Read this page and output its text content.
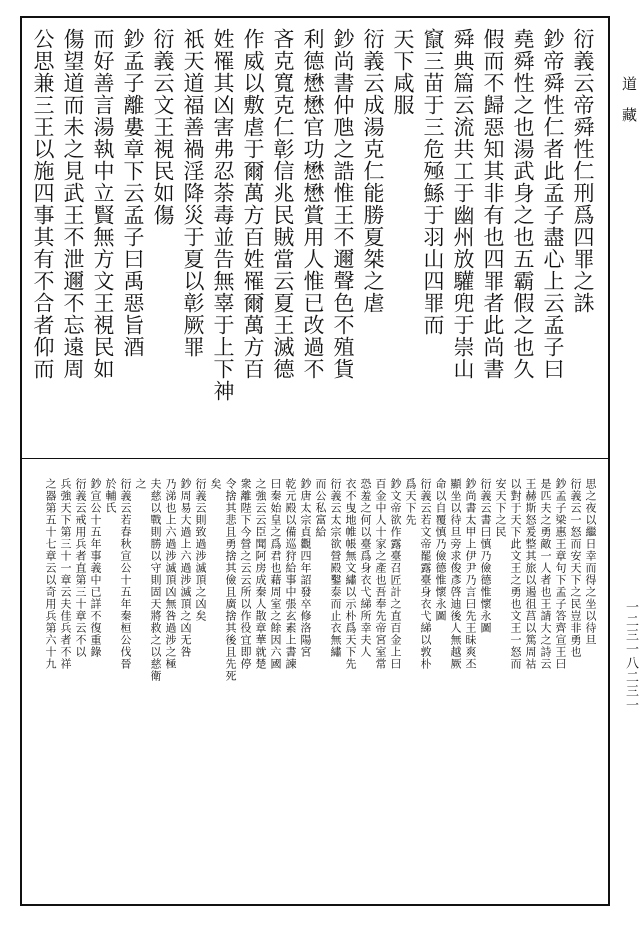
衍義云帝舜性仁刑爲四罪之誅
鈔帝舜性仁者此孟子盡心上云孟子曰
堯舜性之也湯武身之也五霸假之也久
假而不歸惡知其非有也四罪者此尚書
舜典篇云流共工于幽州放驩兜于崇山
竄三苗于三危殛鯀于羽山四罪而
天下咸服
衍義云成湯克仁能勝夏桀之虐
鈔尚書仲虺之誥惟王不邇聲色不殖貨
利德懋懋官功懋懋賞用人惟已改過不
吝克寬克仁彰信兆民賊當云夏王滅德
作威以敷虐于爾萬方百姓罹爾萬方百
姓罹其凶害弗忍荼毒並告無辜于上下神
祇天道福善禍淫降災于夏以彰厥罪
衍義云文王視民如傷
鈔孟子離婁章下云孟子曰禹惡旨酒
而好善言湯執中立賢無方文王視民如
傷望道而未之見武王不泄邇不忘遠周
公思兼三王以施四事其有不合者仰而
思之夜以繼日幸而得之坐以待旦
衍義云一怒而安天下之民豈非勇也
鈔孟子梁惠王章句下孟子答齊宣王曰
是匹夫之勇敵一人者也王請大之詩云
王赫斯怒爰整其旅以遏徂莒以篤周祜
以對于天下此文王之勇也文王一怒而
安天下之民
衍義云書曰慎乃儉德惟懷永圖
鈔尚書太甲上伊尹乃言曰先王昧爽丕
顯坐以待旦旁求俊彥啓迪後人無越厥
命以自覆慎乃儉德惟懷永圖
衍義云若文帝罷露臺身衣弋綈以敦朴
爲天下先
鈔文帝欲作露臺召匠計之直百金上曰
百金中人十家之產也吾奉先帝宮室常
恐羞之何以臺爲身衣弋綈所幸夫人
衣不曳地帷帳無文繡以示朴爲天下先
衍義云太宗欲營殿鑿泰而止衣無繡
而公私富給
鈔唐太宗貞觀四年詔發卒修洛陽宮
乾元殿以備巡狩給事中張玄素上書諫
曰秦始皇之爲君也藉周室之餘因六國
之強云云臣聞阿房成秦人散章華就楚
衆離陛下今營之云云所以作役宜即停
令捨其悲且勇捨其儉且廣捨其後且先死
矣
衍義云則致過涉滅頂之凶矣
鈔周易大過上六過涉滅頂之凶无咎
乃涕也上六過涉滅頂凶無咎過涉之極
夫慈以戰則勝以守則固天將救之以慈衛
之
衍義云若春秋宣公十五年秦桓公伐晉
於輔氏
鈔宣公十五年事義中已詳不復重錄
衍義云戒用兵者直第三十章云不以
兵強天下第三十一章云夫佳兵者不祥
之器第五十七章云以奇用兵第六十九
道藏
一二三一八二三一
